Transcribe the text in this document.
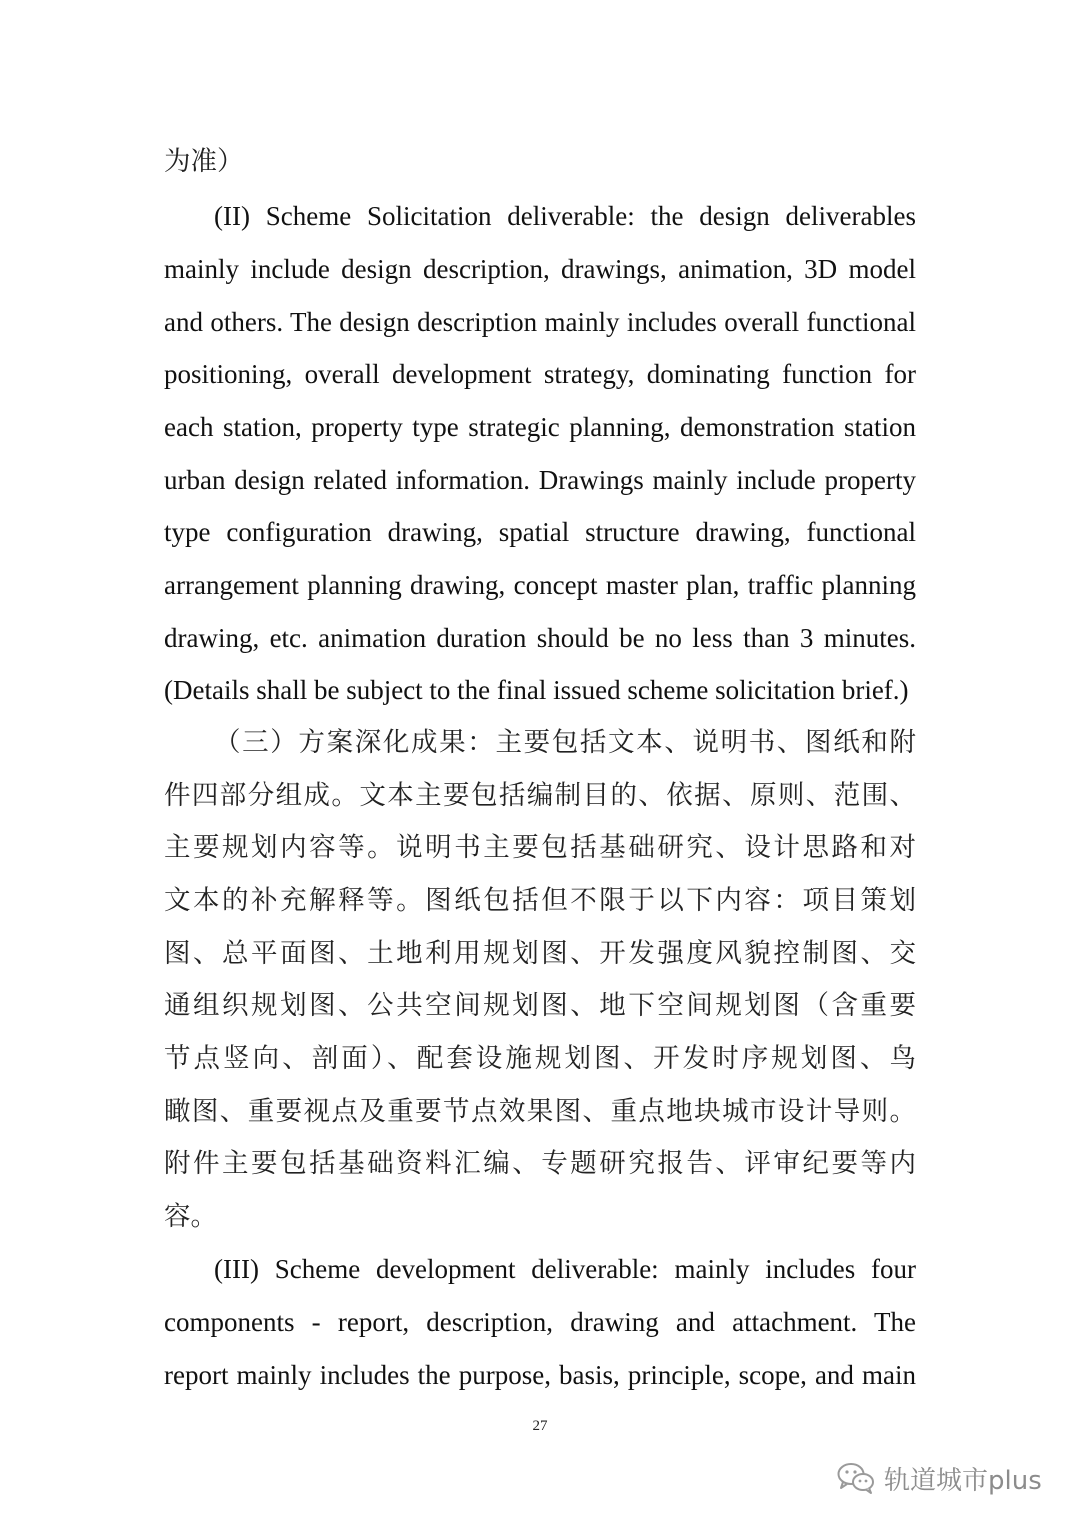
为准）
(II) Scheme Solicitation deliverable: the design deliverables
mainly include design description, drawings, animation, 3D model
and others. The design description mainly includes overall functional
positioning, overall development strategy, dominating function for
each station, property type strategic planning, demonstration station
urban design related information. Drawings mainly include property
type configuration drawing, spatial structure drawing, functional
arrangement planning drawing, concept master plan, traffic planning
drawing, etc. animation duration should be no less than 3 minutes.
(Details shall be subject to the final issued scheme solicitation brief.)
（三）方案深化成果：主要包括文本、说明书、图纸和附
件四部分组成。文本主要包括编制目的、依据、原则、范围、
主要规划内容等。说明书主要包括基础研究、设计思路和对
文本的补充解释等。图纸包括但不限于以下内容：项目策划
图、总平面图、土地利用规划图、开发强度风貌控制图、交
通组织规划图、公共空间规划图、地下空间规划图（含重要
节点竖向、剖面）、配套设施规划图、开发时序规划图、鸟
瞰图、重要视点及重要节点效果图、重点地块城市设计导则。
附件主要包括基础资料汇编、专题研究报告、评审纪要等内
容。
(III) Scheme development deliverable: mainly includes four
components - report, description, drawing and attachment. The
report mainly includes the purpose, basis, principle, scope, and main
27
轨道城市plus
